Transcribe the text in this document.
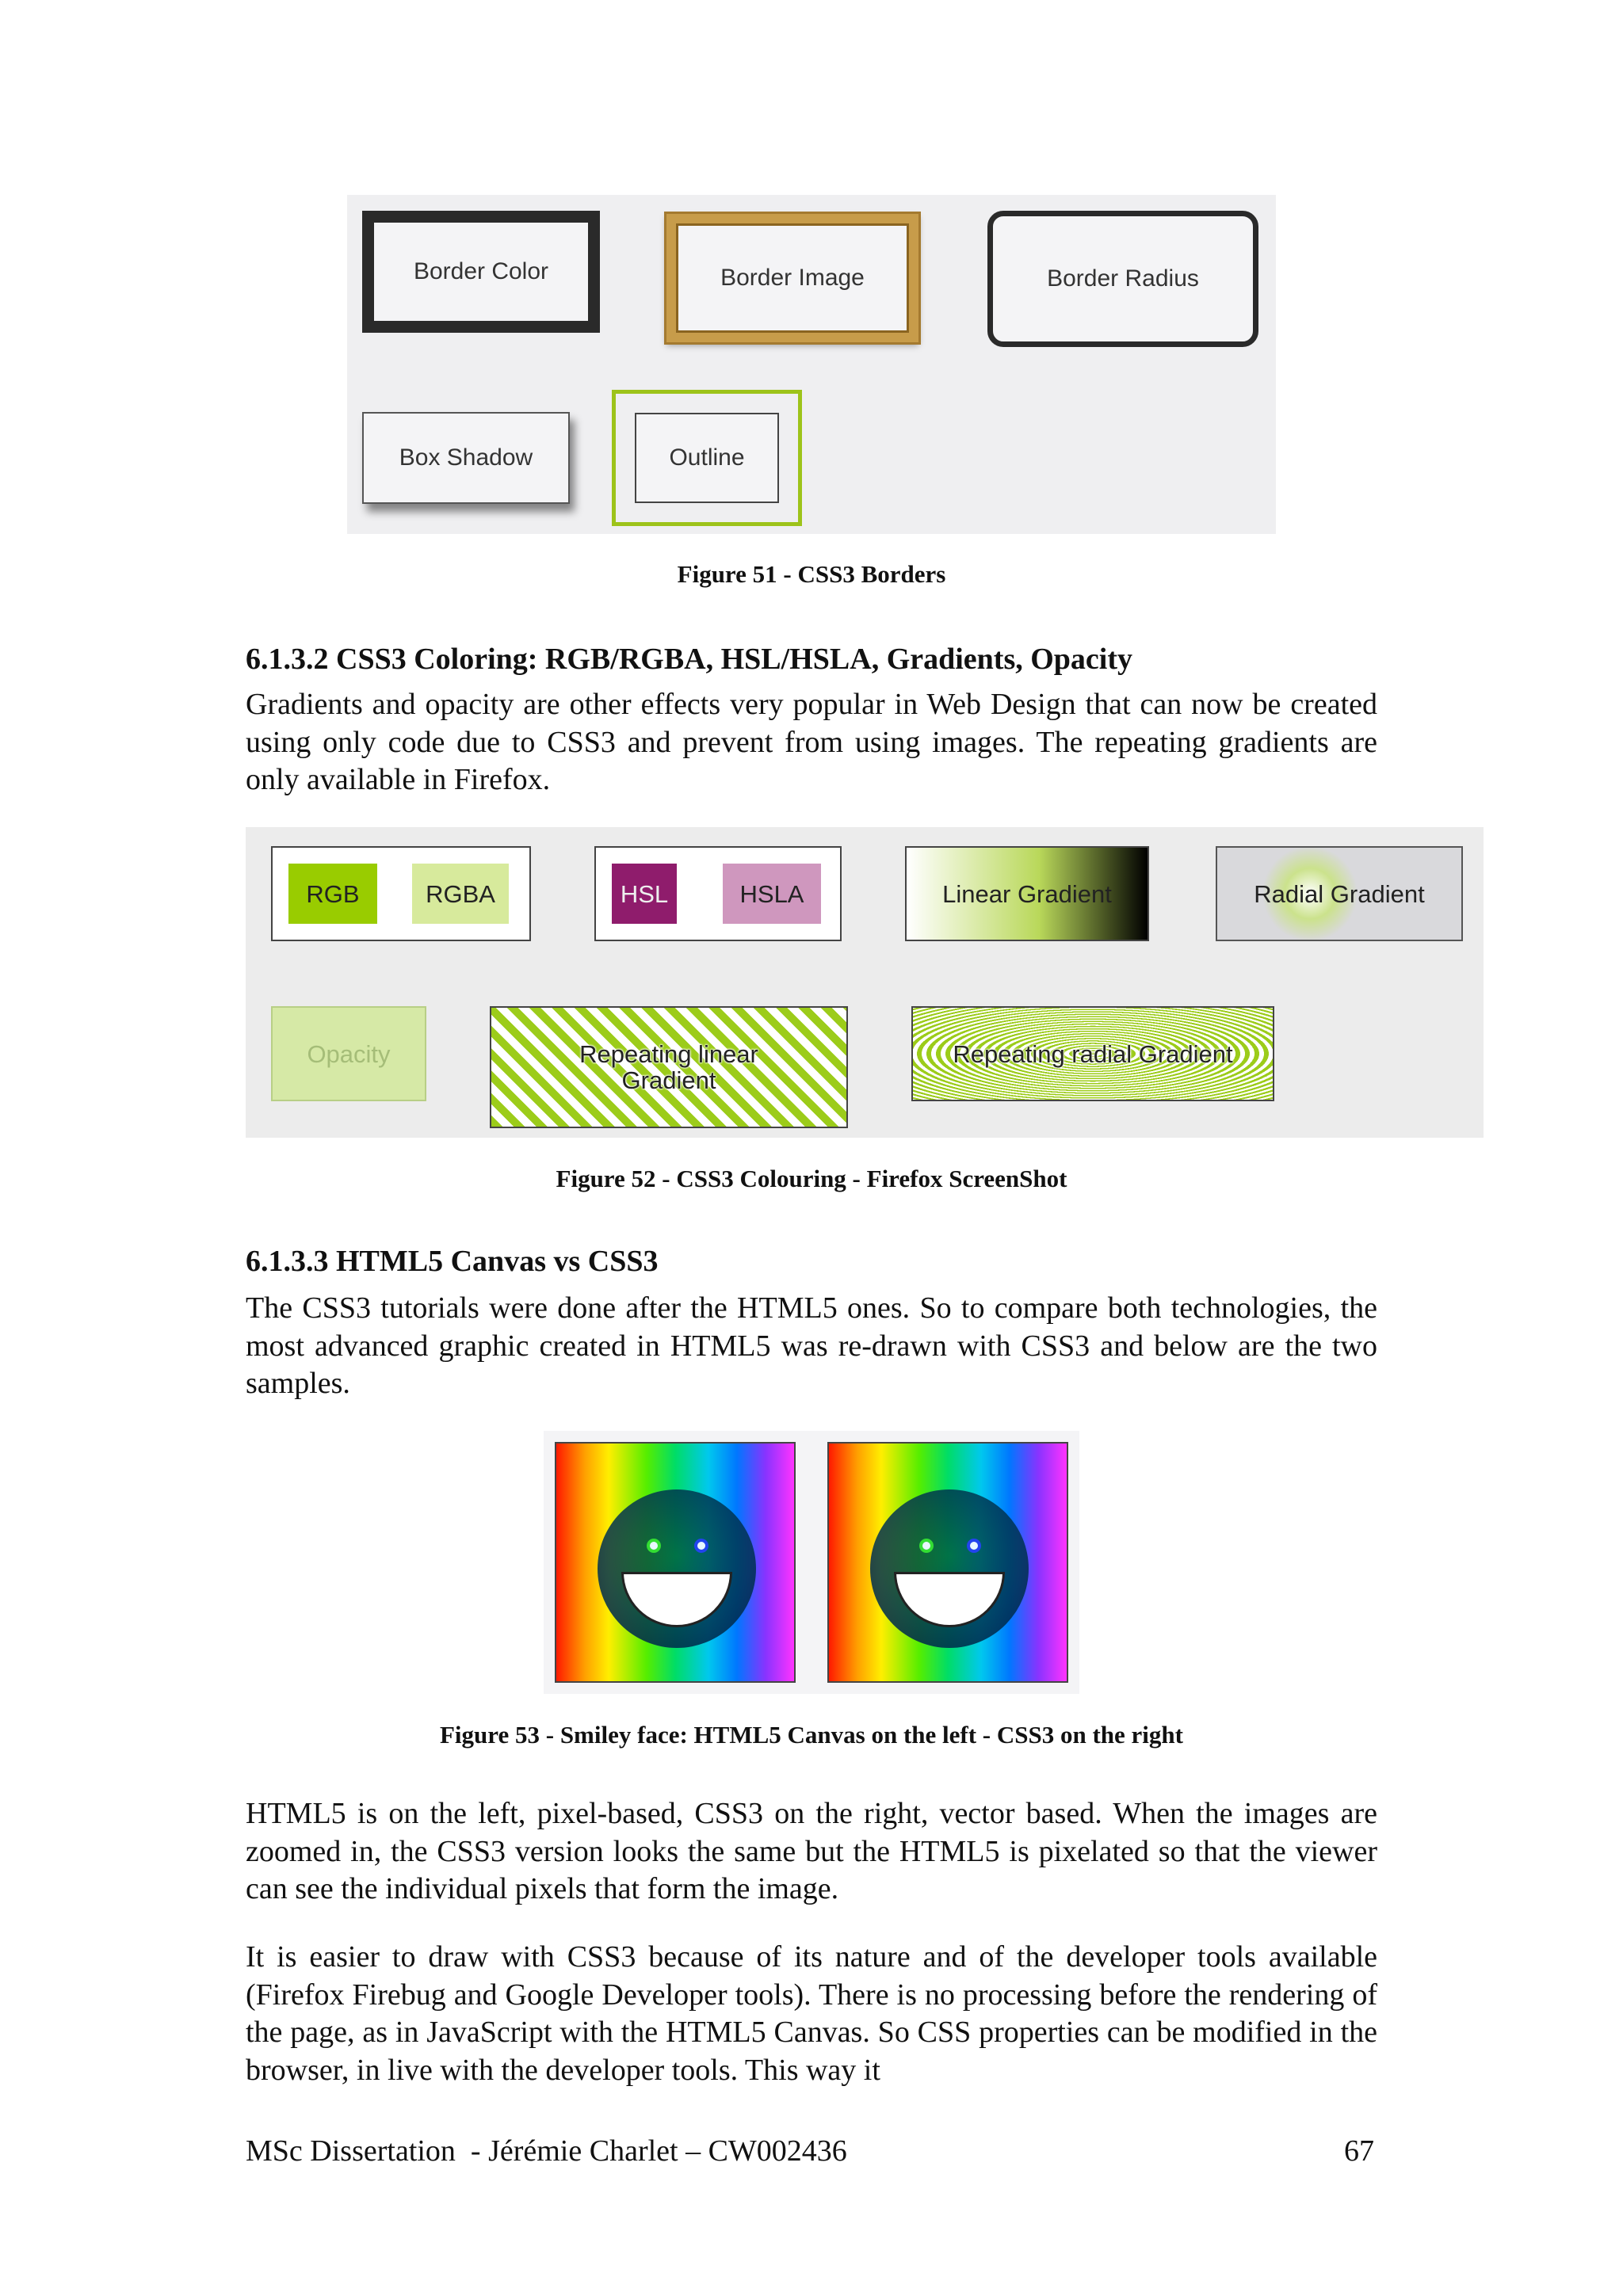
Border Color	Border Image	Border Radius
Box Shadow	Outline
Figure 51 - CSS3 Borders
6.1.3.2 CSS3 Coloring: RGB/RGBA, HSL/HSLA, Gradients, Opacity

Gradients and opacity are other effects very popular in Web Design that can now be created using only code due to CSS3 and prevent from using images. The repeating gradients are only available in Firefox.

RGB	RGBA	HSL	HSLA	Linear Gradient	Radial Gradient
Opacity	Repeating linear Gradient
Repeating radial Gradient
Figure 52 - CSS3 Colouring - Firefox ScreenShot
6.1.3.3 HTML5 Canvas vs CSS3

The CSS3 tutorials were done after the HTML5 ones. So to compare both technologies, the most advanced graphic created in HTML5 was re-drawn with CSS3 and below are the two samples.

Figure 53 - Smiley face: HTML5 Canvas on the left - CSS3 on the right

HTML5 is on the left, pixel-based, CSS3 on the right, vector based. When the images are zoomed in, the CSS3 version looks the same but the HTML5 is pixelated so that the viewer can see the individual pixels that form the image.

It is easier to draw with CSS3 because of its nature and of the developer tools available (Firefox Firebug and Google Developer tools). There is no processing before the rendering of the page, as in JavaScript with the HTML5 Canvas. So CSS properties can be modified in the browser, in live with the developer tools. This way it

MSc Dissertation  - Jérémie Charlet – CW002436	67
